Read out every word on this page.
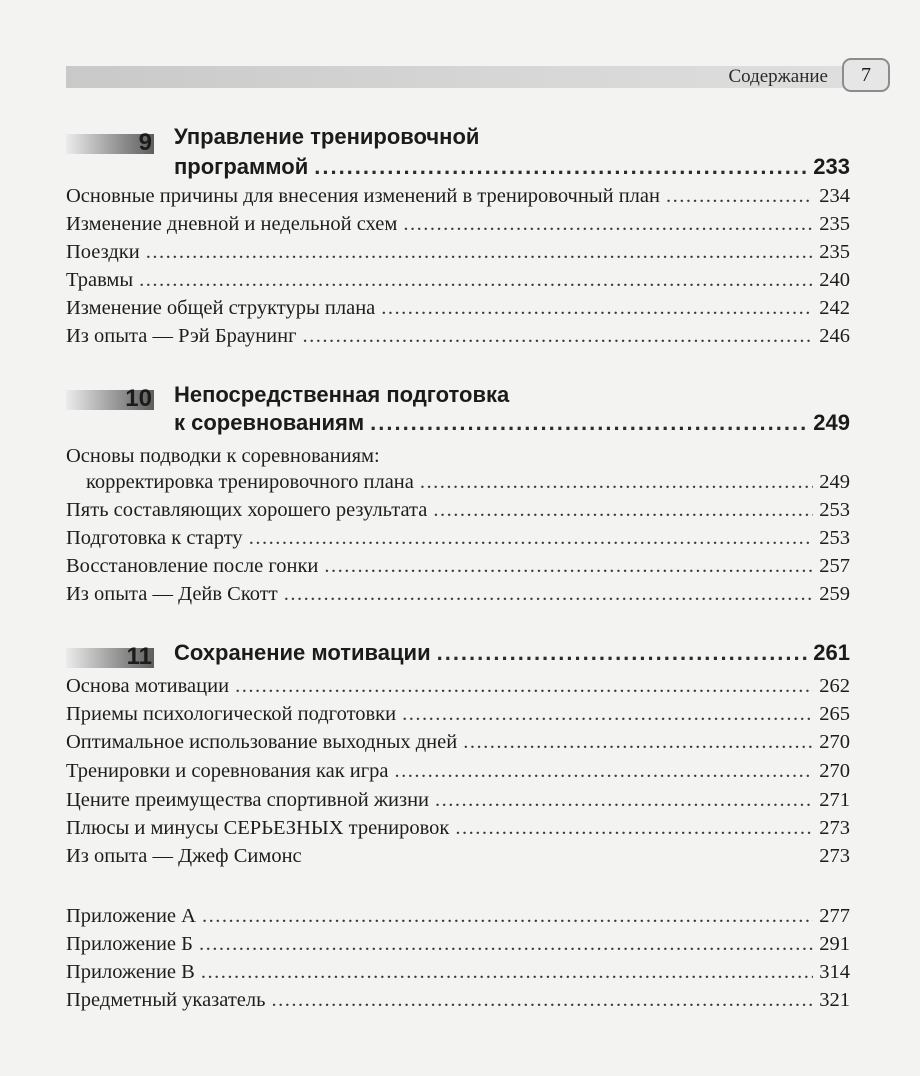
Содержание	7
9 Управление тренировочной
программой .....	233
Основные причины для внесения изменений в тренировочный план .....	234
Изменение дневной и недельной схем .....	235
Поездки .....	235
Травмы .....	240
Изменение общей структуры плана .....	242
Из опыта — Рэй Браунинг .....	246
10 Непосредственная подготовка
к соревнованиям .....	249
Основы подводки к соревнованиям:
корректировка тренировочного плана .....	249
Пять составляющих хорошего результата .....	253
Подготовка к старту .....	253
Восстановление после гонки .....	257
Из опыта — Дейв Скотт .....	259
11 Сохранение мотивации .....	261
Основа мотивации .....	262
Приемы психологической подготовки .....	265
Оптимальное использование выходных дней .....	270
Тренировки и соревнования как игра .....	270
Цените преимущества спортивной жизни .....	271
Плюсы и минусы СЕРЬЕЗНЫХ тренировок .....	273
Из опыта — Джеф Симонс	273
Приложение А .....	277
Приложение Б .....	291
Приложение В .....	314
Предметный указатель .....	321
